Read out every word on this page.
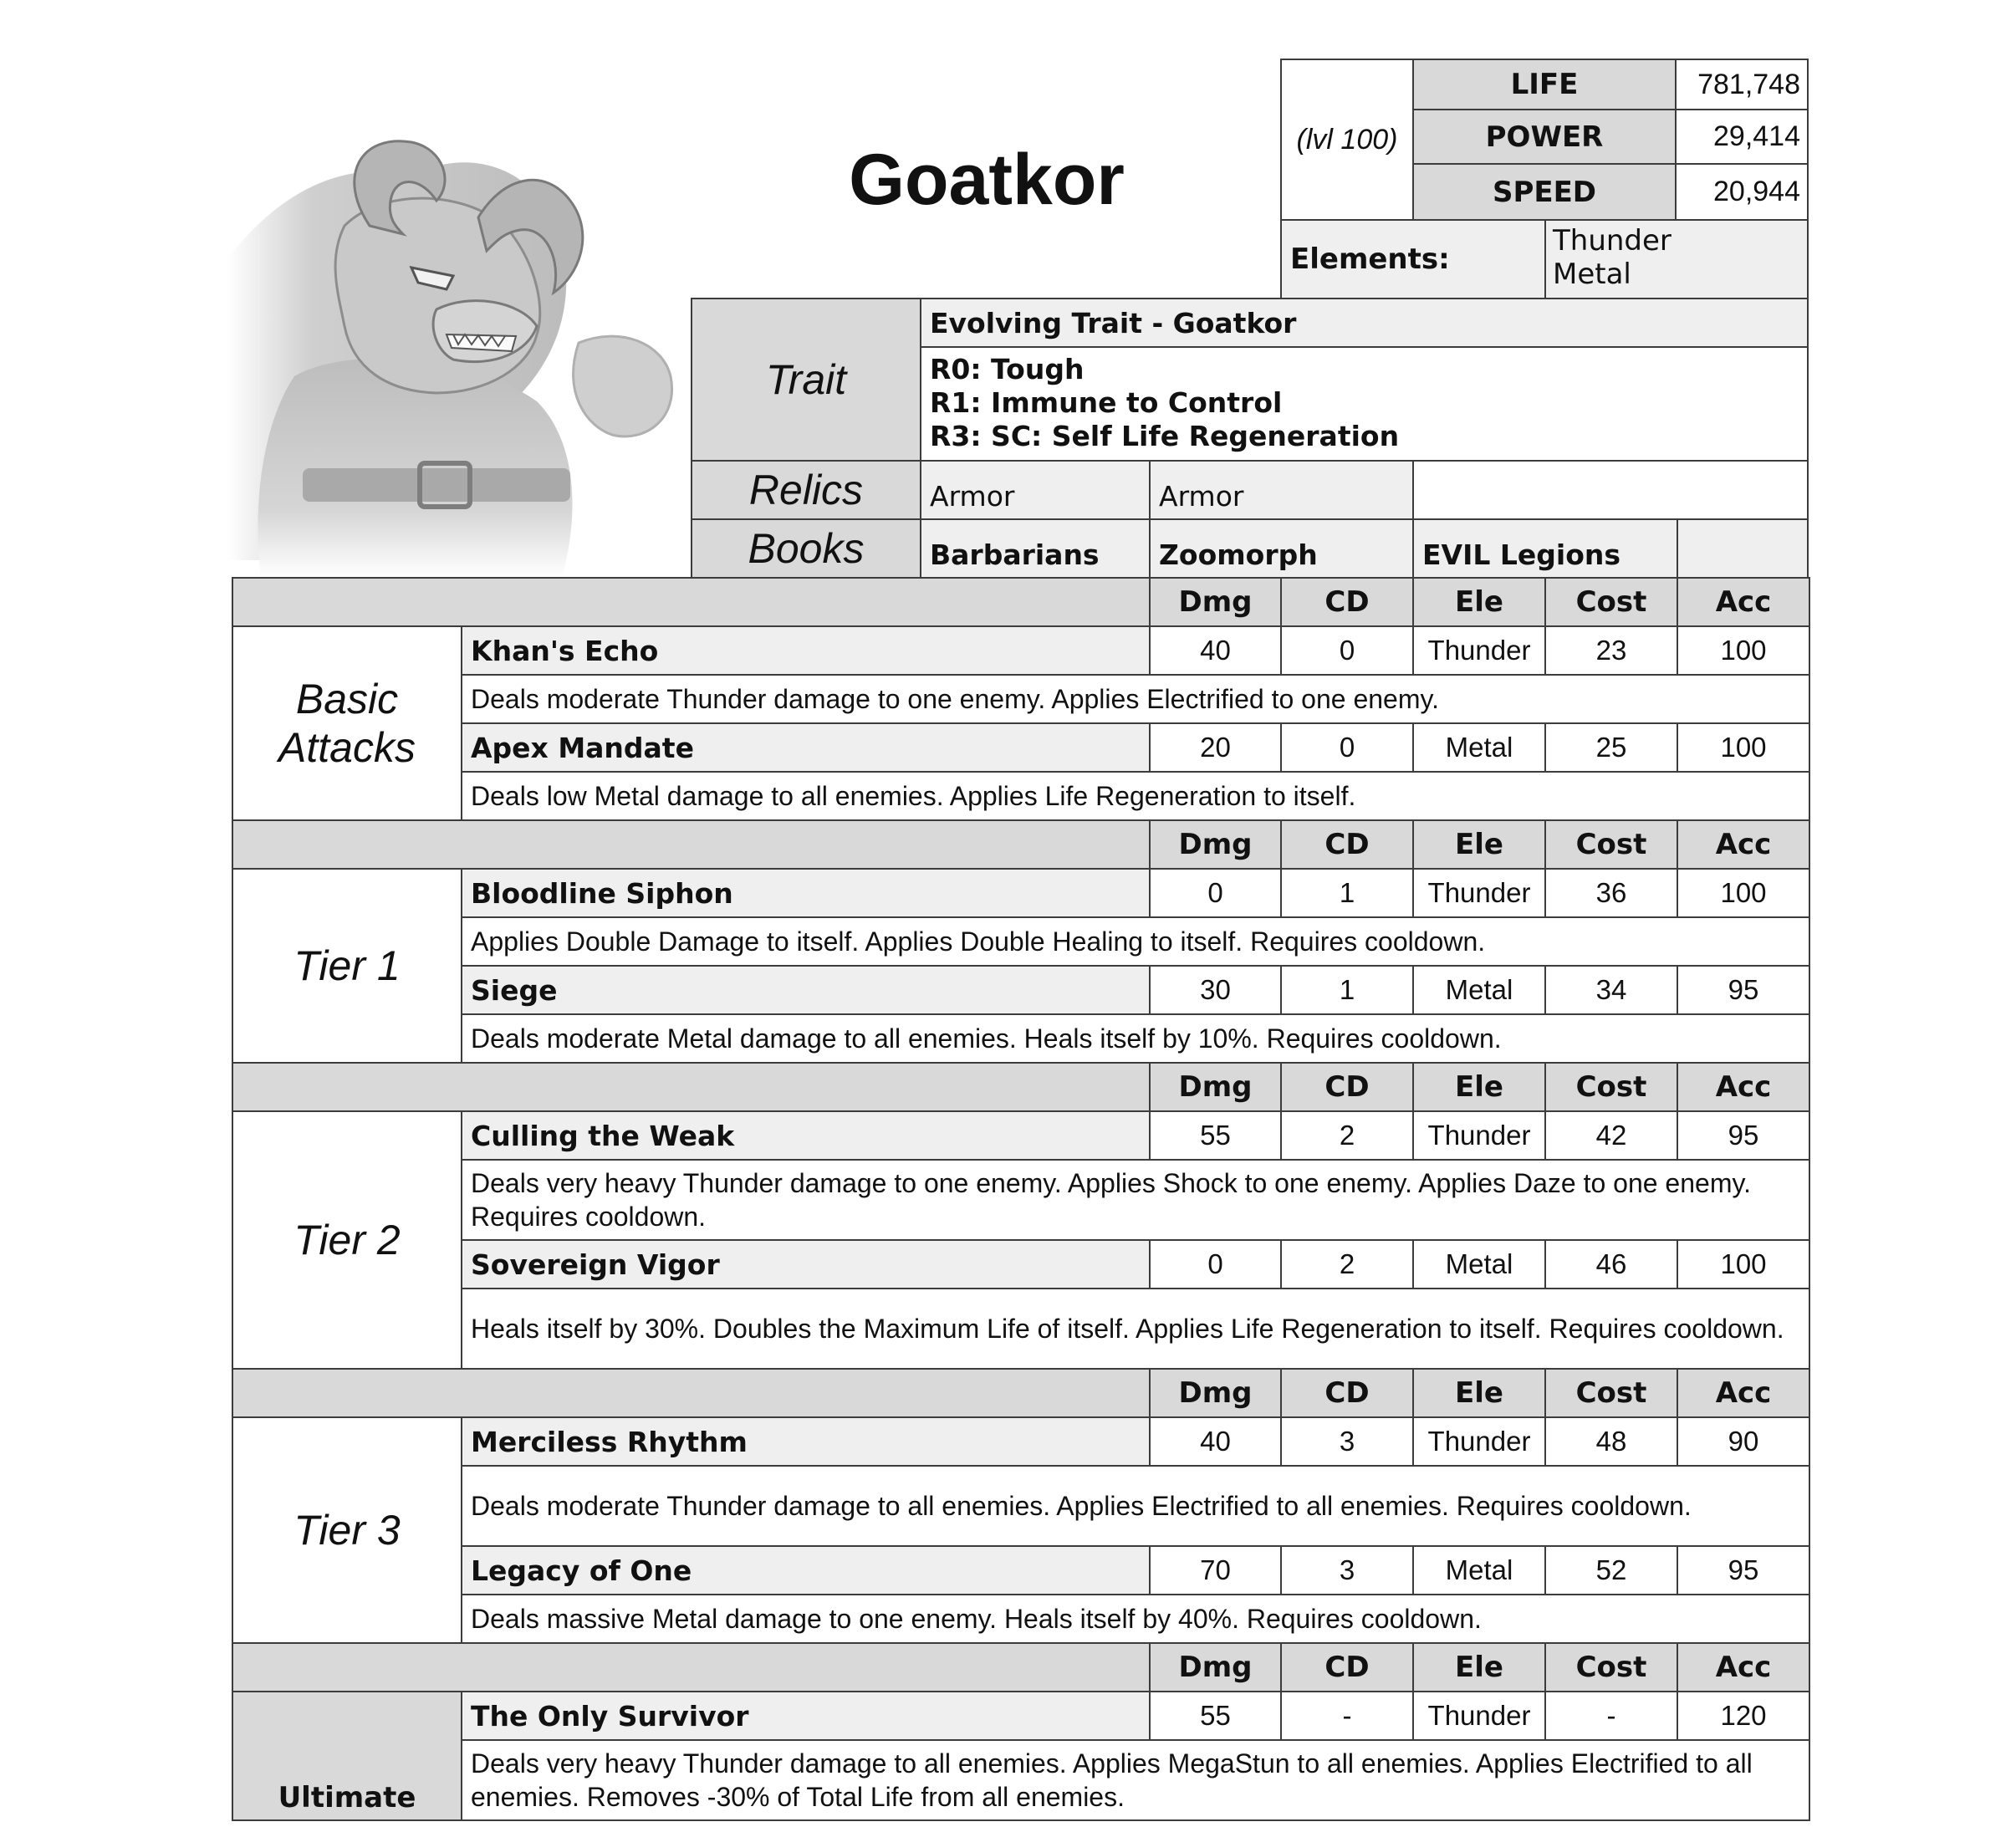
Goatkor	(lvl 100)
LIFE	781,748
POWER	29,414
SPEED	20,944
Elements:
Thunder
Metal
Trait
Evolving Trait - Goatkor
R0: Tough
R1: Immune to Control
R3: SC: Self Life Regeneration
Relics	Armor	Armor
Books	Barbarians	Zoomorph	EVIL Legions
Dmg	CD	Ele	Cost	Acc
Khan's Echo	40	0	Thunder	23	100
Deals moderate Thunder damage to one enemy. Applies Electrified to one enemy.
Apex Mandate	20	0	Metal	25	100
Deals low Metal damage to all enemies. Applies Life Regeneration to itself.
Basic Attacks
Dmg	CD	Ele	Cost	Acc
Bloodline Siphon	0	1	Thunder	36	100
Applies Double Damage to itself. Applies Double Healing to itself. Requires cooldown.
Siege	30	1	Metal	34	95
Deals moderate Metal damage to all enemies. Heals itself by 10%. Requires cooldown.
Tier 1
Dmg	CD	Ele	Cost	Acc
Culling the Weak	55	2	Thunder	42	95
Deals very heavy Thunder damage to one enemy. Applies Shock to one enemy. Applies Daze to one enemy. Requires cooldown.
Sovereign Vigor	0	2	Metal	46	100
Heals itself by 30%. Doubles the Maximum Life of itself. Applies Life Regeneration to itself. Requires cooldown.
Tier 2
Dmg	CD	Ele	Cost	Acc
Merciless Rhythm	40	3	Thunder	48	90
Deals moderate Thunder damage to all enemies. Applies Electrified to all enemies. Requires cooldown.
Legacy of One	70	3	Metal	52	95
Deals massive Metal damage to one enemy. Heals itself by 40%. Requires cooldown.
Tier 3
Dmg	CD	Ele	Cost	Acc
The Only Survivor	55	-	Thunder	-	120
Deals very heavy Thunder damage to all enemies. Applies MegaStun to all enemies. Applies Electrified to all enemies. Removes -30% of Total Life from all enemies.
Ultimate
